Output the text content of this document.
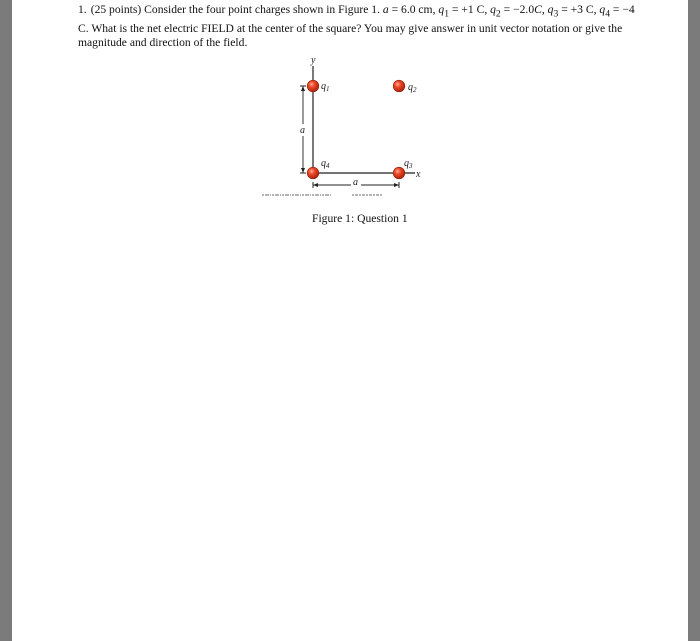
1. (25 points) Consider the four point charges shown in Figure 1. a = 6.0 cm, $q_1 = +1$ C, $q_2 = -2.0C$, $q_3 = +3$ C, $q_4 = -4$ C. What is the net electric FIELD at the center of the square? You may give answer in unit vector notation or give the magnitude and direction of the field.

y
x
a
a
$q_1$	$q_2$
$q_3$
$q_4$

Figure 1: Question 1
